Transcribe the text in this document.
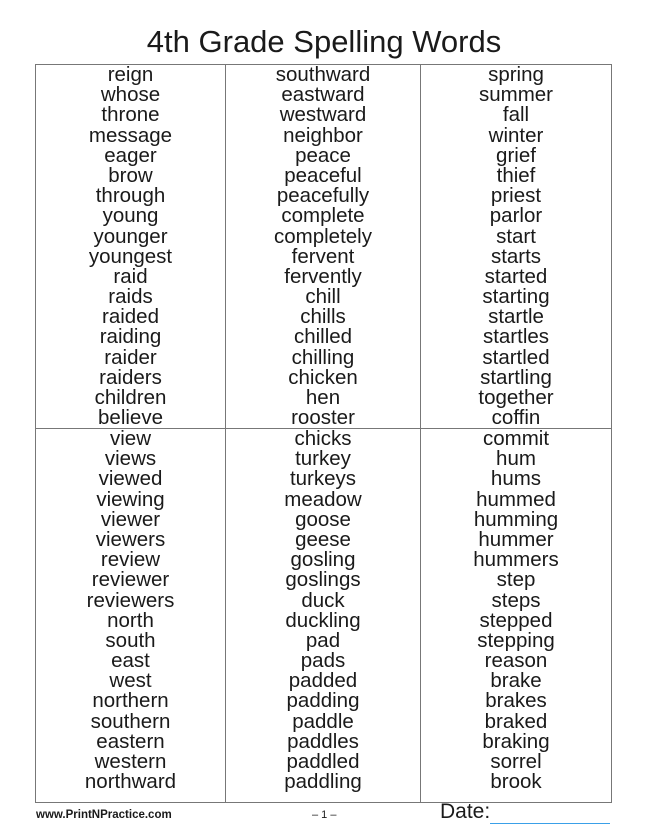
4th Grade Spelling Words
reign
whose
throne
message
eager
brow
through
young
younger
youngest
raid
raids
raided
raiding
raider
raiders
children
believe
southward
eastward
westward
neighbor
peace
peaceful
peacefully
complete
completely
fervent
fervently
chill
chills
chilled
chilling
chicken
hen
rooster
spring
summer
fall
winter
grief
thief
priest
parlor
start
starts
started
starting
startle
startles
startled
startling
together
coffin
view
views
viewed
viewing
viewer
viewers
review
reviewer
reviewers
north
south
east
west
northern
southern
eastern
western
northward
chicks
turkey
turkeys
meadow
goose
geese
gosling
goslings
duck
duckling
pad
pads
padded
padding
paddle
paddles
paddled
paddling
commit
hum
hums
hummed
humming
hummer
hummers
step
steps
stepped
stepping
reason
brake
brakes
braked
braking
sorrel
brook
www.PrintNPractice.com	– 1 –	Date:
